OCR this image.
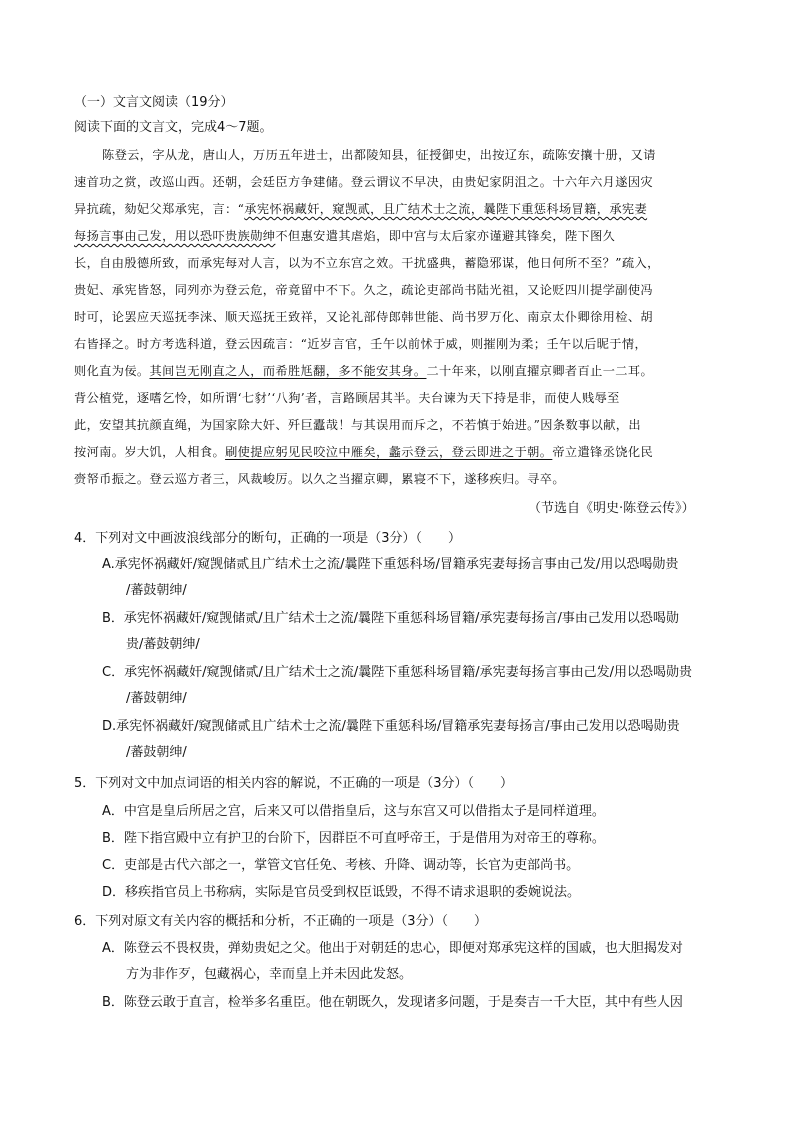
（一）文言文阅读（19分）
阅读下面的文言文，完成4～7题。
陈登云，字从龙，唐山人，万历五年进士，出都陵知县，征授御史，出按辽东，疏陈安攘十册，又请
速首功之赏，改巡山西。还朝，会廷臣方争建储。登云谓议不早决，由贵妃家阴沮之。十六年六月遂因灾
异抗疏，劾妃父郑承宪，言：“承宪怀祸藏奸，窥觊贰，且广结术士之流，曩陛下重惩科场冒籍，承宪妻
每扬言事由己发，用以恐吓贵族勋绅不但惠安遣其虐焰，即中宫与太后家亦谨避其锋矣，陛下图久
长，自由殷德所致，而承宪每对人言，以为不立东宫之效。干扰盛典，蓄隐邪谋，他日何所不至？”疏入，
贵妃、承宪皆怒，同列亦为登云危，帝竟留中不下。久之，疏论吏部尚书陆光祖，又论贬四川提学副使冯
时可，论罢应天巡抚李涞、顺天巡抚王致祥，又论礼部侍郎韩世能、尚书罗万化、南京太仆卿徐用检、胡
右皆择之。时方考选科道，登云因疏言：“近岁言官，壬午以前怵于威，则摧刚为柔；壬午以后昵于情，
则化直为佞。其间岂无刚直之人，而希胜尪翻，多不能安其身。二十年来，以刚直擢京卿者百止一二耳。
背公植党，逐嗜乞怜，如所谓‘七豺’‘八狗’者，言路顾居其半。夫台谏为天下持是非，而使人贱辱至
此，安望其抗颜直绳，为国家除大奸、歼巨蠹哉！与其误用而斥之，不若慎于始进。”因条数事以献，出
按河南。岁大饥，人相食。刷使提应躬见民咬泣中雁矣，蠡示登云，登云即进之于朝。帝立遣锋丞饶化民
赍帑币振之。登云巡方者三，风裁峻厉。以久之当擢京卿，累寝不下，遂移疾归。寻卒。
（节选自《明史·陈登云传》）
4．下列对文中画波浪线部分的断句，正确的一项是（3分）（　　）
A.承宪怀祸藏奸/窥觊储贰且广结术士之流/曩陛下重惩科场/冒籍承宪妻每扬言事由己发/用以恐喝勋贵
/蕃鼓朝绅/
B．承宪怀祸藏奸/窥觊储贰/且广结术士之流/曩陛下重惩科场冒籍/承宪妻每扬言/事由己发用以恐喝勋
贵/蕃鼓朝绅/
C．承宪怀祸藏奸/窥觊储贰/且广结术士之流/曩陛下重惩科场冒籍/承宪妻每扬言事由己发/用以恐喝勋贵
/蕃鼓朝绅/
D.承宪怀祸藏奸/窥觊储贰且广结术士之流/曩陛下重惩科场/冒籍承宪妻每扬言/事由己发用以恐喝勋贵
/蕃鼓朝绅/
5．下列对文中加点词语的相关内容的解说，不正确的一项是（3分）（　　）
A．中宫是皇后所居之宫，后来又可以借指皇后，这与东宫又可以借指太子是同样道理。
B．陛下指宫殿中立有护卫的台阶下，因群臣不可直呼帝王，于是借用为对帝王的尊称。
C．吏部是古代六部之一，掌管文官任免、考核、升降、调动等，长官为吏部尚书。
D．移疾指官员上书称病，实际是官员受到权臣诋毁，不得不请求退职的委婉说法。
6．下列对原文有关内容的概括和分析，不正确的一项是（3分）（　　）
A．陈登云不畏权贵，弹劾贵妃之父。他出于对朝廷的忠心，即便对郑承宪这样的国戚，也大胆揭发对
方为非作歹，包藏祸心，幸而皇上并未因此发怒。
B．陈登云敢于直言，检举多名重臣。他在朝既久，发现诸多问题，于是奏吉一千大臣，其中有些人因
